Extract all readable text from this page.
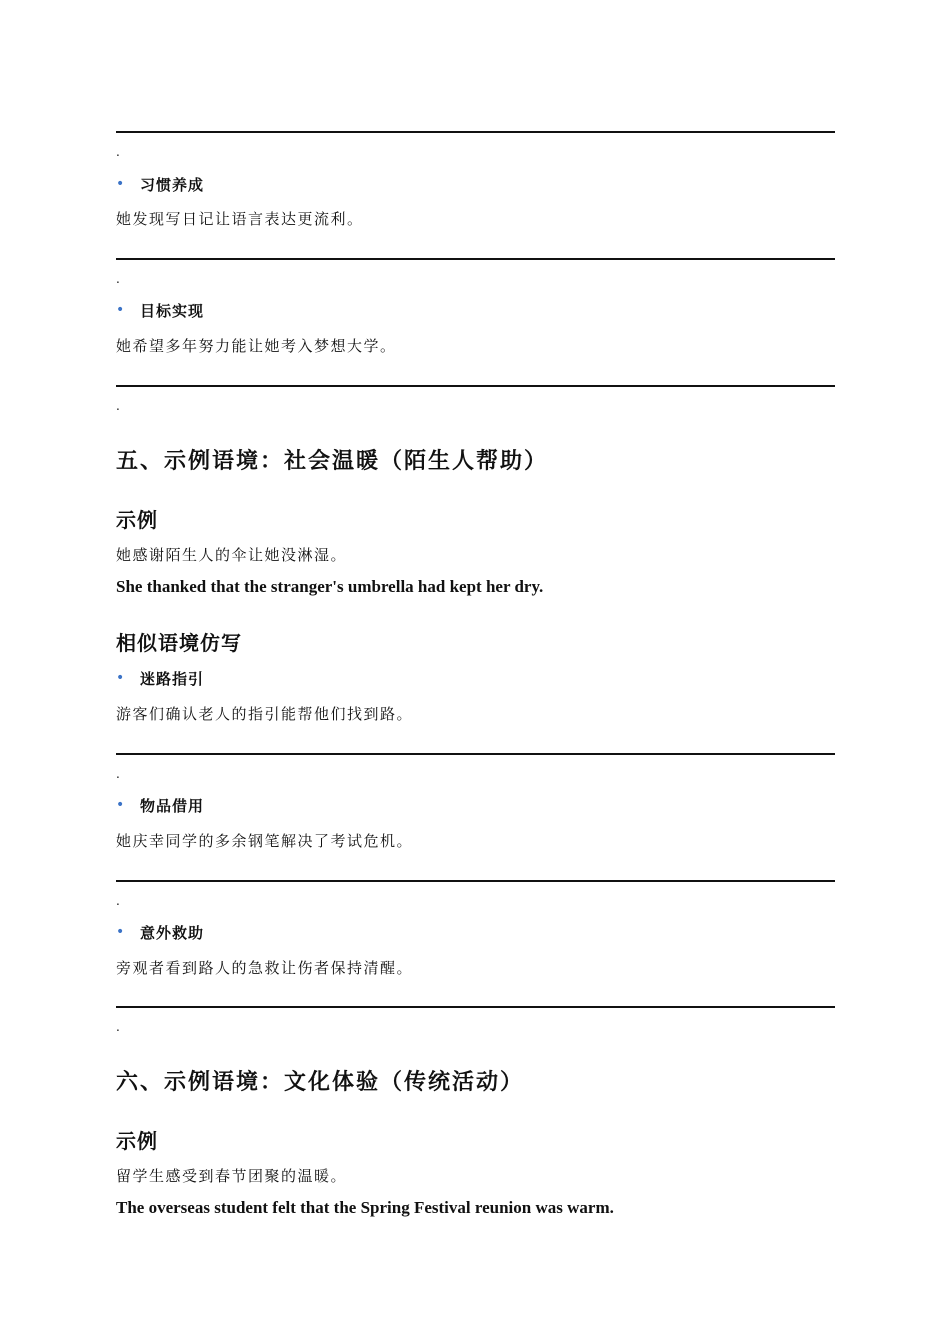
.
•	习惯养成
她发现写日记让语言表达更流利。
.
•	目标实现
她希望多年努力能让她考入梦想大学。
.
五、示例语境：社会温暖（陌生人帮助）
示例
她感谢陌生人的伞让她没淋湿。
She thanked that the stranger's umbrella had kept her dry.
相似语境仿写
•	迷路指引
游客们确认老人的指引能帮他们找到路。
.
•	物品借用
她庆幸同学的多余钢笔解决了考试危机。
.
•	意外救助
旁观者看到路人的急救让伤者保持清醒。
.
六、示例语境：文化体验（传统活动）
示例
留学生感受到春节团聚的温暖。
The overseas student felt that the Spring Festival reunion was warm.
